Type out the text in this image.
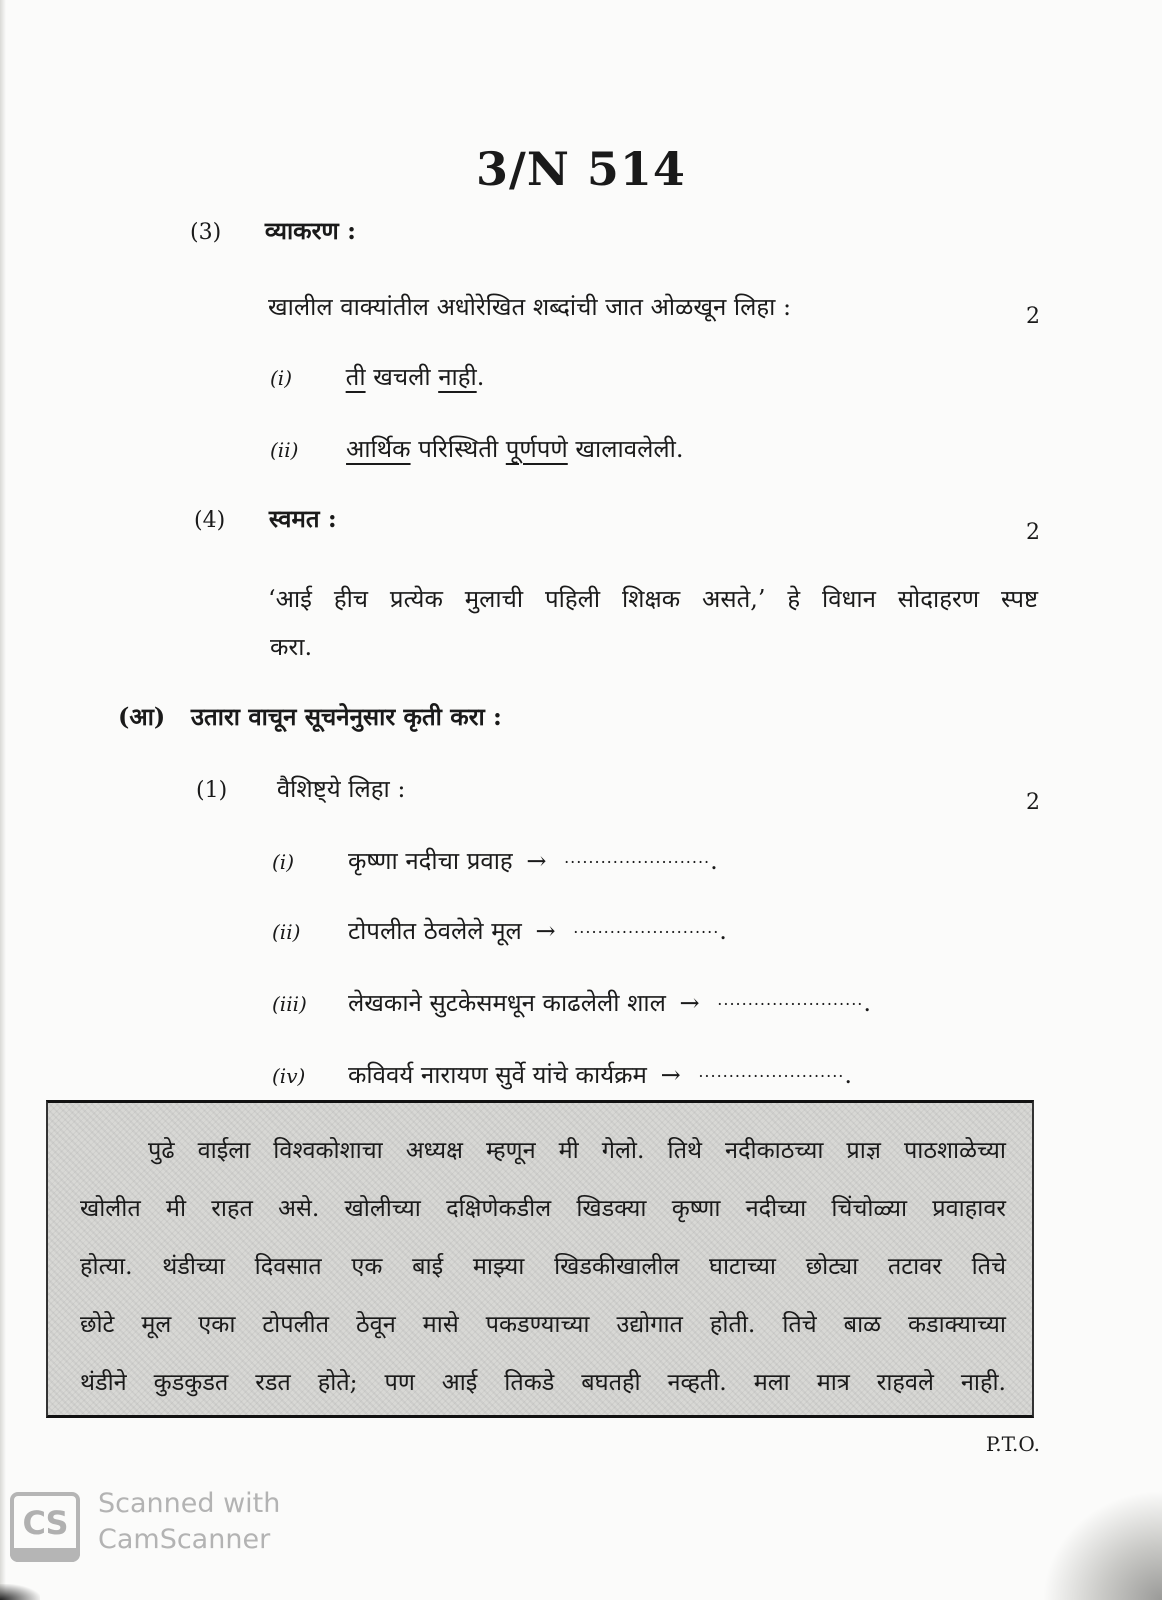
3/N 514
(3) व्याकरण :
खालील वाक्यांतील अधोरेखित शब्दांची जात ओळखून लिहा :	2
(i) ती खचली नाही.
(ii) आर्थिक परिस्थिती पूर्णपणे खालावलेली.
(4) स्वमत :	2
‘आई हीच प्रत्येक मुलाची पहिली शिक्षक असते,’ हे विधान सोदाहरण स्पष्ट
करा.
(आ) उतारा वाचून सूचनेनुसार कृती करा :
(1) वैशिष्ट्ये लिहा :	2
(i) कृष्णा नदीचा प्रवाह → .........................
(ii) टोपलीत ठेवलेले मूल → .........................
(iii) लेखकाने सुटकेसमधून काढलेली शाल → .........................
(iv) कविवर्य नारायण सुर्वे यांचे कार्यक्रम → .........................
पुढे वाईला विश्वकोशाचा अध्यक्ष म्हणून मी गेलो. तिथे नदीकाठच्या प्राज्ञ पाठशाळेच्या
खोलीत मी राहत असे. खोलीच्या दक्षिणेकडील खिडक्या कृष्णा नदीच्या चिंचोळ्या प्रवाहावर
होत्या. थंडीच्या दिवसात एक बाई माझ्या खिडकीखालील घाटाच्या छोट्या तटावर तिचे
छोटे मूल एका टोपलीत ठेवून मासे पकडण्याच्या उद्योगात होती. तिचे बाळ कडाक्याच्या
थंडीने कुडकुडत रडत होते; पण आई तिकडे बघतही नव्हती. मला मात्र राहवले नाही.
P.T.O.
CS
Scanned with
CamScanner
